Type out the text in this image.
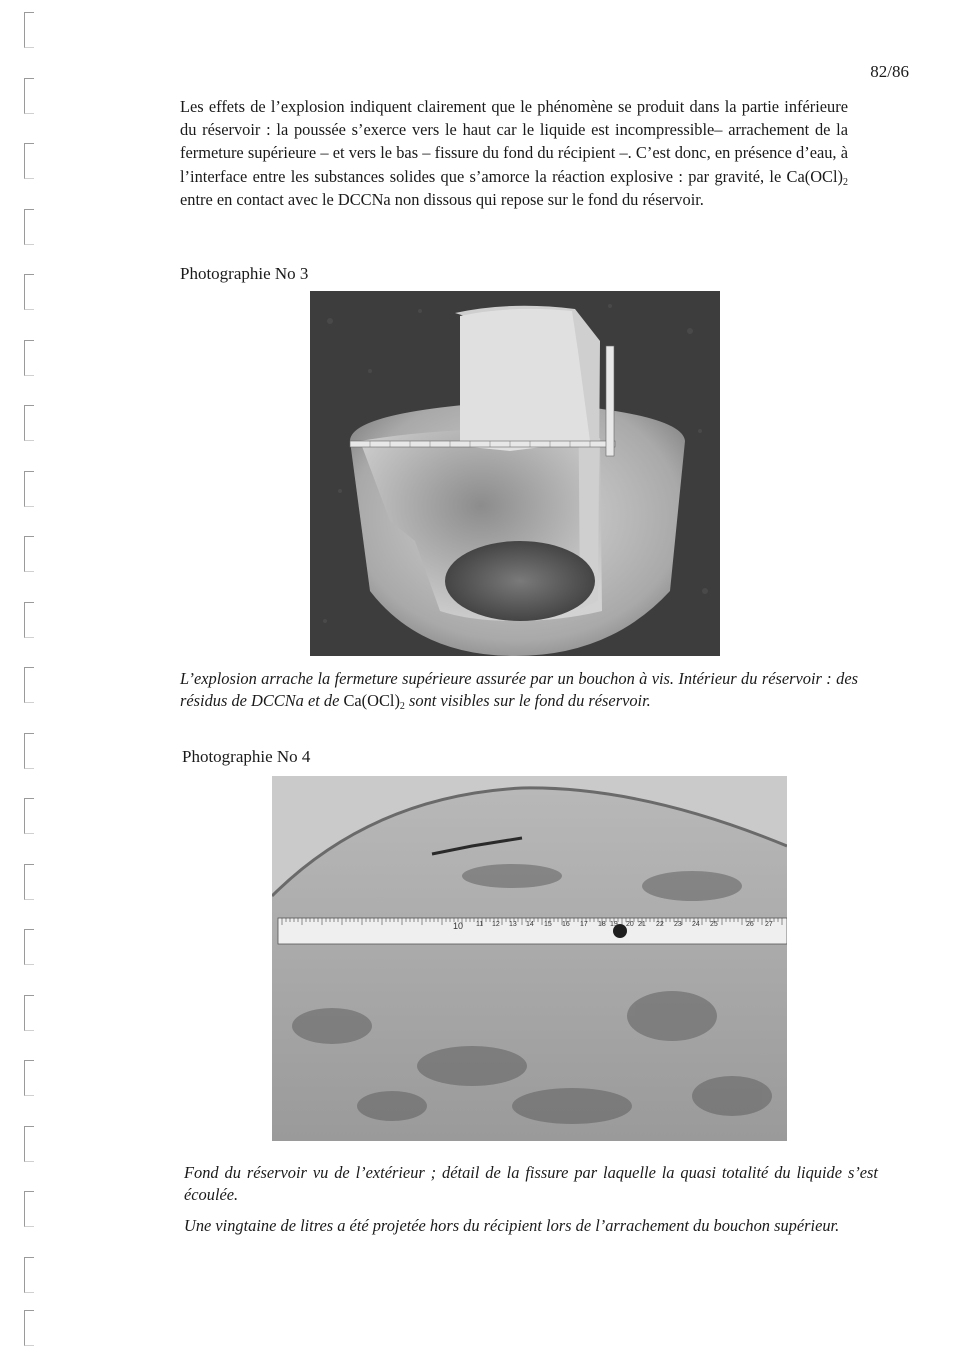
82/86

Les effets de l’explosion indiquent clairement que le phénomène se produit dans la partie inférieure du réservoir : la poussée s’exerce vers le haut car le liquide est incompressible– arrachement de la fermeture supérieure – et vers le bas – fissure du fond du récipient –. C’est donc, en présence d’eau, à l’interface entre les substances solides que s’amorce la réaction explosive : par gravité, le $Ca(OCl)_2$ entre en contact avec le DCCNa non dissous qui repose sur le fond du réservoir.

Photographie No 3

L’explosion arrache la fermeture supérieure assurée par un bouchon à vis. Intérieur du réservoir : des résidus de DCCNa et de $Ca(OCl)_2$ sont visibles sur le fond du réservoir.

Photographie No 4

10 11 12 13 14 15 16 17 18 19 20 21 22 23 24 25	26 27

Fond du réservoir vu de l’extérieur ; détail de la fissure par laquelle la quasi totalité du liquide s’est écoulée.

Une vingtaine de litres a été projetée hors du récipient lors de l’arrachement du bouchon supérieur.
